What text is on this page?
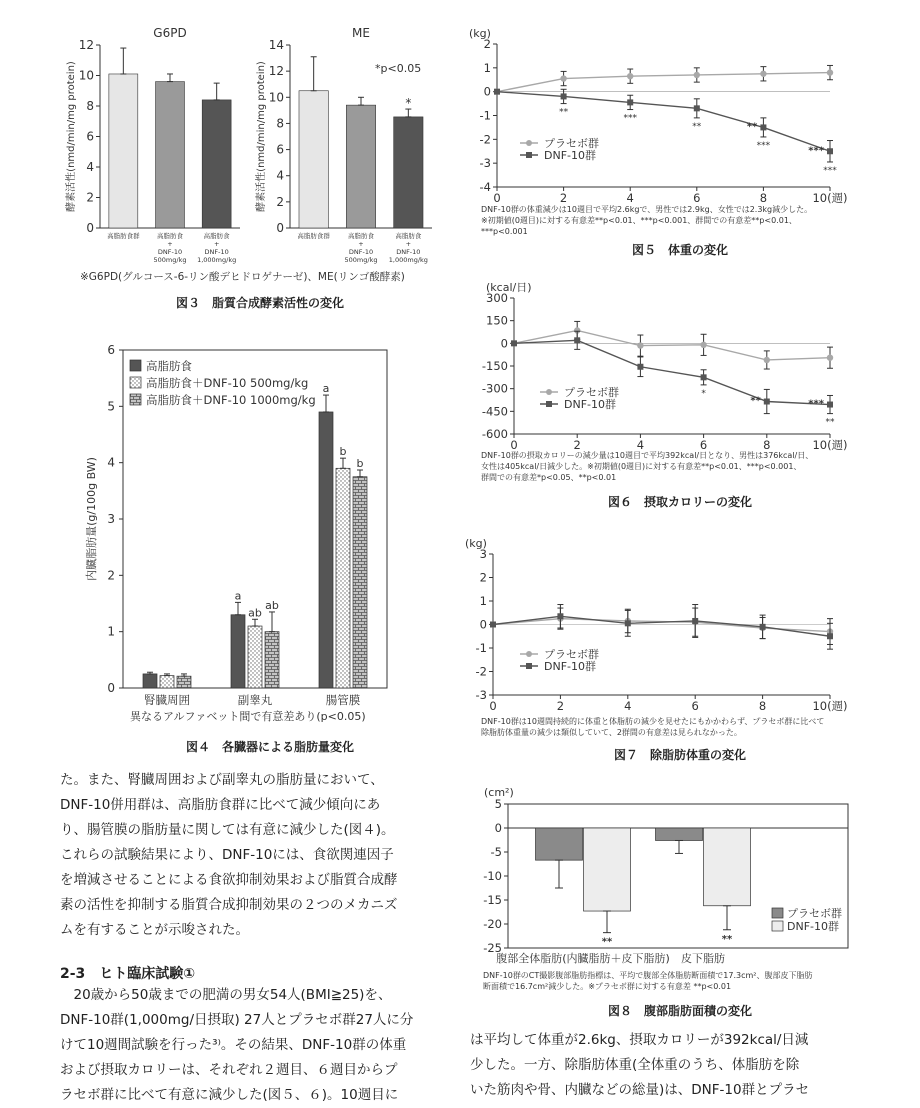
G6PD
0
2
4
6
8
10
12
酵素活性(nmd/min/mg protein)
高脂肪食群	高脂肪食
+
DNF-10
500mg/kg
高脂肪食
+
DNF-10
1,000mg/kg
ME
0
2
4
6
8
10
12
14
酵素活性(nmd/min/mg protein)
高脂肪食群	高脂肪食
+
DNF-10
500mg/kg
*
高脂肪食
+
DNF-10
1,000mg/kg
*p<0.05
※G6PD(グルコース-6-リン酸デヒドロゲナーゼ)、ME(リンゴ酸酵素)
図３　脂質合成酵素活性の変化
0
1
2
3
4
5
6
内臓脂肪量(g/100g BW)
腎臓周囲
a
ab
ab
副睾丸
a
b
b
腸管膜
高脂肪食
高脂肪食＋DNF-10 500mg/kg
高脂肪食＋DNF-10 1000mg/kg
異なるアルファベット間で有意差あり(p<0.05)
図４　各臓器による脂肪量変化
(kg)
2
1
0
-1
-2
-3
-4
0	2	4	6	8	10(週)
**
***
**
***
**
***
***
プラセボ群
DNF-10群
DNF-10群の体重減少は10週目で平均2.6kgで、男性では2.9kg、女性では2.3kg減少した。
※初期値(0週目)に対する有意差**p<0.01、***p<0.001、群間での有意差**p<0.01、
***p<0.001
図５　体重の変化
(kcal/日)
300
150
0
-150
-300
-450
-600
0	2	4	6	8	10(週)
**	***
*
**
プラセボ群
DNF-10群
DNF-10群の摂取カロリーの減少量は10週目で平均392kcal/日となり、男性は376kcal/日、
女性は405kcal/日減少した。※初期値(0週目)に対する有意差**p<0.01、***p<0.001、
群間での有意差*p<0.05、**p<0.01
図６　摂取カロリーの変化
(kg)
3
2
1
0
-1
-2
-3
0	2	4	6	8	10(週)
プラセボ群
DNF-10群
DNF-10群は10週間持続的に体重と体脂肪の減少を見せたにもかかわらず、プラセボ群に比べて
除脂肪体重量の減少は類似していて、2群間の有意差は見られなかった。
図７　除脂肪体重の変化
(cm²)
5
0
-5
-10
-15
-20
-25	**
腹部全体脂肪(内臓脂肪＋皮下脂肪)
**
皮下脂肪
プラセボ群
DNF-10群
DNF-10群のCT撮影腹部脂肪指標は、平均で腹部全体脂肪断面積で17.3cm²、腹部皮下脂肪
断面積で16.7cm²減少した。※プラセボ群に対する有意差 **p<0.01
図８　腹部脂肪面積の変化

た。また、腎臓周囲および副睾丸の脂肪量において、

DNF-10併用群は、高脂肪食群に比べて減少傾向にあ

り、腸管膜の脂肪量に関しては有意に減少した(図４)。

これらの試験結果により、DNF-10には、食欲関連因子

を増減させることによる食欲抑制効果および脂質合成酵

素の活性を抑制する脂質合成抑制効果の２つのメカニズ

ムを有することが示唆された。

2-3　ヒト臨床試験①

　20歳から50歳までの肥満の男女54人(BMI≧25)を、

DNF-10群(1,000mg/日摂取) 27人とプラセボ群27人に分

けて10週間試験を行った³⁾。その結果、DNF-10群の体重

および摂取カロリーは、それぞれ２週目、６週目からプ

ラセボ群に比べて有意に減少した(図５、６)。10週目に

は平均して体重が2.6kg、摂取カロリーが392kcal/日減

少した。一方、除脂肪体重(全体重のうち、体脂肪を除

いた筋肉や骨、内臓などの総量)は、DNF-10群とプラセ
